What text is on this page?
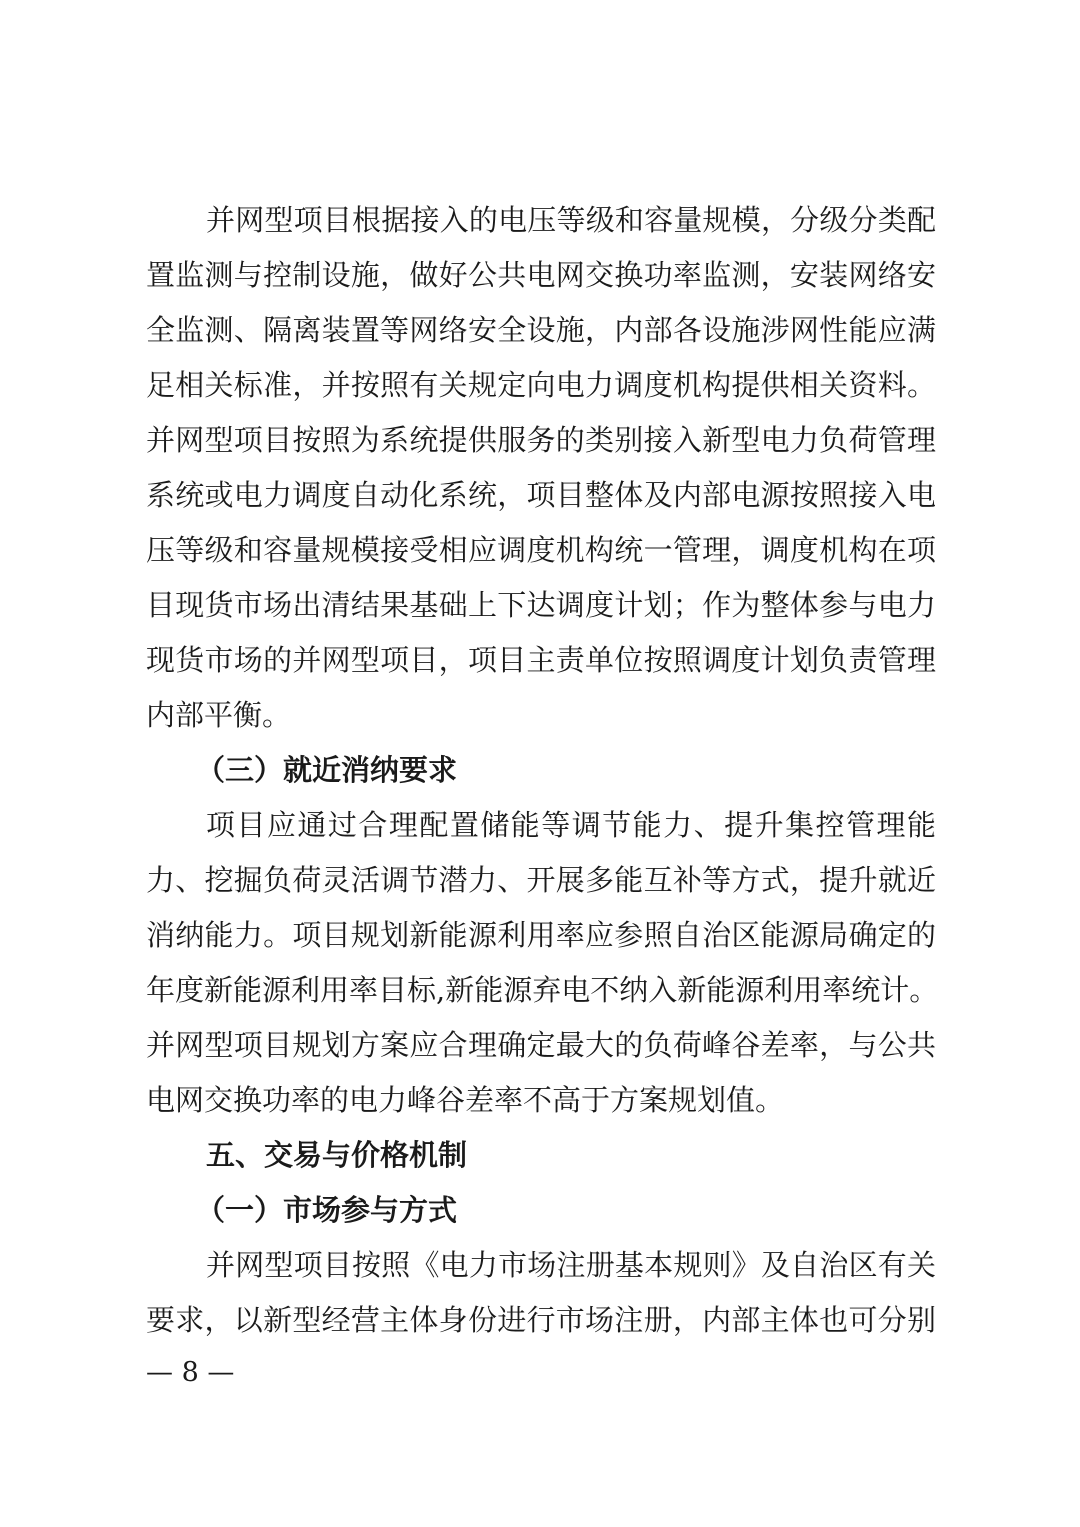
并网型项目根据接入的电压等级和容量规模，分级分类配
置监测与控制设施，做好公共电网交换功率监测，安装网络安
全监测、隔离装置等网络安全设施，内部各设施涉网性能应满
足相关标准，并按照有关规定向电力调度机构提供相关资料。
并网型项目按照为系统提供服务的类别接入新型电力负荷管理
系统或电力调度自动化系统，项目整体及内部电源按照接入电
压等级和容量规模接受相应调度机构统一管理，调度机构在项
目现货市场出清结果基础上下达调度计划；作为整体参与电力
现货市场的并网型项目，项目主责单位按照调度计划负责管理
内部平衡。
（三）就近消纳要求
项目应通过合理配置储能等调节能力、提升集控管理能
力、挖掘负荷灵活调节潜力、开展多能互补等方式，提升就近
消纳能力。项目规划新能源利用率应参照自治区能源局确定的
年度新能源利用率目标,新能源弃电不纳入新能源利用率统计。
并网型项目规划方案应合理确定最大的负荷峰谷差率，与公共
电网交换功率的电力峰谷差率不高于方案规划值。
五、交易与价格机制
（一）市场参与方式
并网型项目按照《电力市场注册基本规则》及自治区有关
要求，以新型经营主体身份进行市场注册，内部主体也可分别
— 8 —
